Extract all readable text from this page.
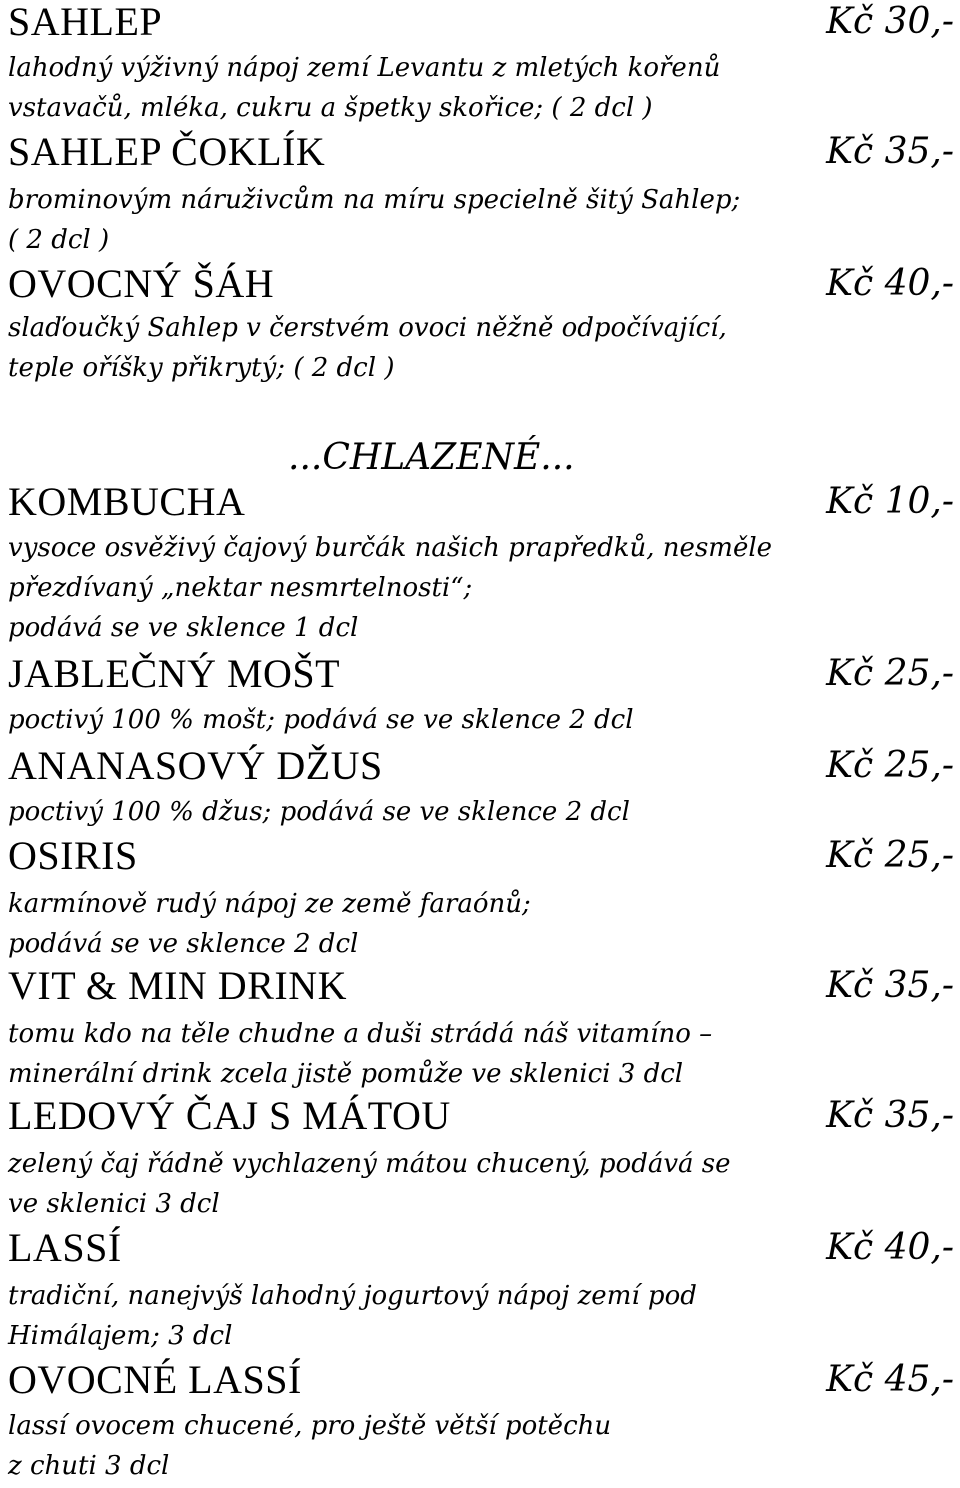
SAHLEP	Kč 30,-
lahodný výživný nápoj zemí Levantu z mletých kořenů
vstavačů, mléka, cukru a špetky skořice; ( 2 dcl )
SAHLEP ČOKLÍK	Kč 35,-
brominovým náruživcům na míru specielně šitý Sahlep;
( 2 dcl )
OVOCNÝ ŠÁH	Kč 40,-
slaďoučký Sahlep v čerstvém ovoci něžně odpočívající,
teple oříšky přikrytý; ( 2 dcl )
...CHLAZENÉ...
KOMBUCHA	Kč 10,-
vysoce osvěživý čajový burčák našich prapředků, nesměle
přezdívaný „nektar nesmrtelnosti“;
podává se ve sklence 1 dcl
JABLEČNÝ MOŠT	Kč 25,-
poctivý 100 % mošt; podává se ve sklence 2 dcl
ANANASOVÝ DŽUS	Kč 25,-
poctivý 100 % džus; podává se ve sklence 2 dcl
OSIRIS	Kč 25,-
karmínově rudý nápoj ze země faraónů;
podává se ve sklence 2 dcl
VIT & MIN DRINK	Kč 35,-
tomu kdo na těle chudne a duši strádá náš vitamíno –
minerální drink zcela jistě pomůže ve sklenici 3 dcl
LEDOVÝ ČAJ S MÁTOU	Kč 35,-
zelený čaj řádně vychlazený mátou chucený, podává se
ve sklenici 3 dcl
LASSÍ	Kč 40,-
tradiční, nanejvýš lahodný jogurtový nápoj zemí pod
Himálajem; 3 dcl
OVOCNÉ LASSÍ	Kč 45,-
lassí ovocem chucené, pro ještě větší potěchu
z chuti 3 dcl
